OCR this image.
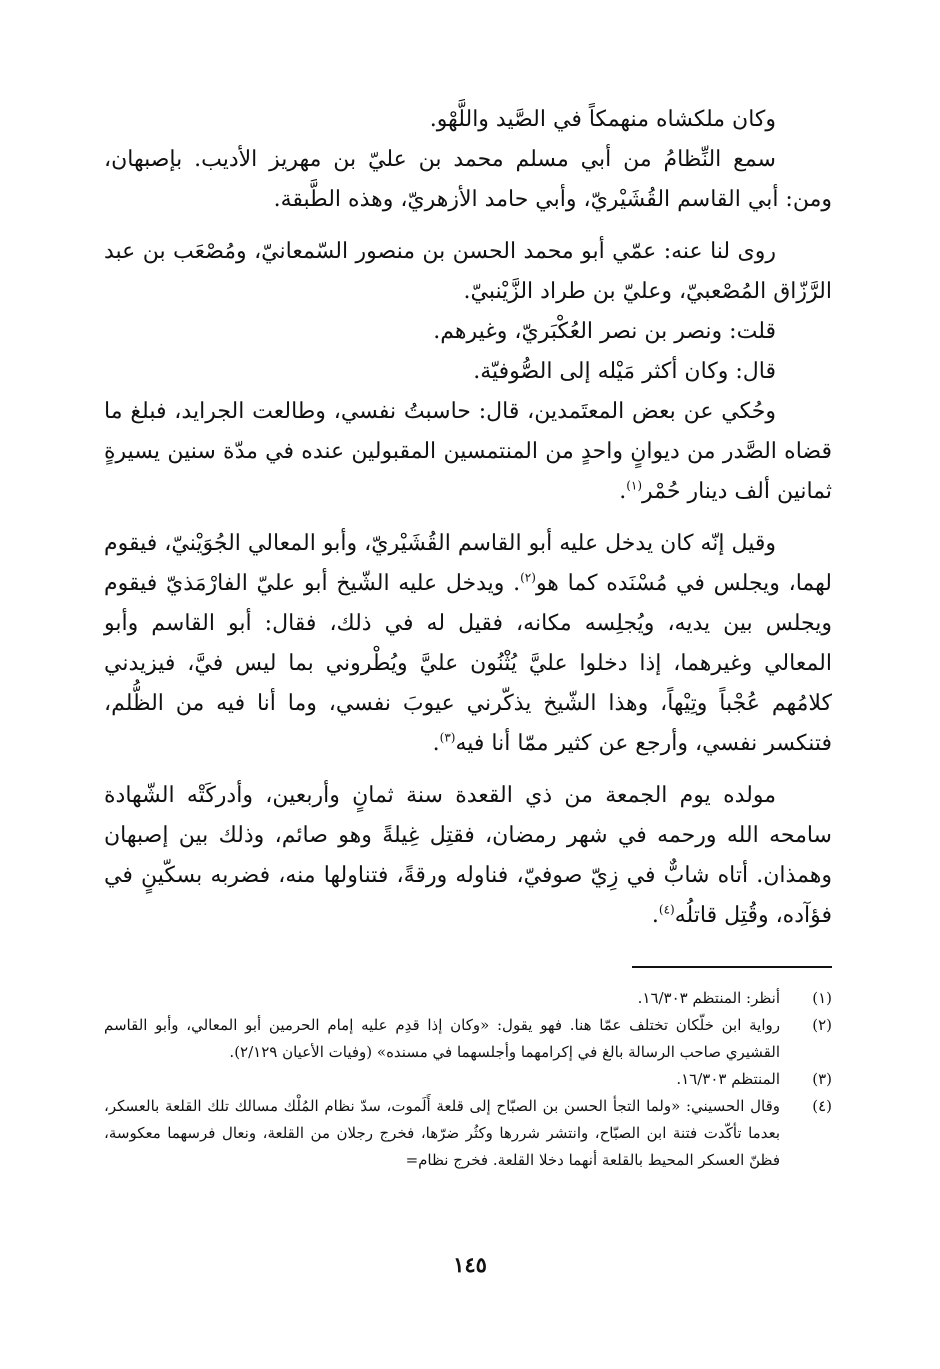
وكان ملكشاه منهمكاً في الصَّيد واللَّهْو.

سمع النِّظامُ من أبي مسلم محمد بن عليّ بن مهريز الأديب. بإصبهان، ومن: أبي القاسم القُشَيْريّ، وأبي حامد الأزهريّ، وهذه الطَّبقة.

روى لنا عنه: عمّي أبو محمد الحسن بن منصور السّمعانيّ، ومُصْعَب بن عبد الرَّزّاق المُصْعبيّ، وعليّ بن طراد الزَّيْنبيّ.

قلت: ونصر بن نصر العُكْبَريّ، وغيرهم.

قال: وكان أكثر مَيْله إلى الصُّوفيّة.

وحُكي عن بعض المعتَمدين، قال: حاسبتُ نفسي، وطالعت الجرايد، فبلغ ما قضاه الصَّدر من ديوانٍ واحدٍ من المنتمسين المقبولين عنده في مدّة سنين يسيرةٍ ثمانين ألف دينار حُمْر$^{(١)}$.

وقيل إنّه كان يدخل عليه أبو القاسم القُشَيْريّ، وأبو المعالي الجُوَيْنيّ، فيقوم لهما، ويجلس في مُسْنَده كما هو$^{(٢)}$. ويدخل عليه الشّيخ أبو عليّ الفارْمَذيّ فيقوم ويجلس بين يديه، ويُجلِسه مكانه، فقيل له في ذلك، فقال: أبو القاسم وأبو المعالي وغيرهما، إذا دخلوا عليَّ يُثْنُون عليَّ ويُطْروني بما ليس فيَّ، فيزيدني كلامُهم عُجْباً وتِيْهاً، وهذا الشّيخ يذكّرني عيوبَ نفسي، وما أنا فيه من الظُّلم، فتنكسر نفسي، وأرجع عن كثير ممّا أنا فيه$^{(٣)}$.

مولده يوم الجمعة من ذي القعدة سنة ثمانٍ وأربعين، وأدركَتْه الشّهادة سامحه الله ورحمه في شهر رمضان، فقتِل غِيلةً وهو صائم، وذلك بين إصبهان وهمذان. أتاه شابٌّ في زِيّ صوفيّ، فناوله ورقةً، فتناولها منه، فضربه بسكّينٍ في فؤآده، وقُتِل قاتلُه$^{(٤)}$.

(١)
أنظر: المنتظم ١٦/٣٠٣.
(٢)
رواية ابن خلّكان تختلف عمّا هنا. فهو يقول: «وكان إذا قدِم عليه إمام الحرمين أبو المعالي، وأبو القاسم القشيري صاحب الرسالة بالغ في إكرامهما وأجلسهما في مسنده» (وفيات الأعيان ٢/١٢٩).
(٣)
المنتظم ١٦/٣٠٣.
(٤)
وقال الحسيني: «ولما التجأ الحسن بن الصبّاح إلى قلعة أَلَموت، سدّ نظام المُلْك مسالك تلك القلعة بالعسكر، بعدما تأكّدت فتنة ابن الصبّاح، وانتشر شررها وكثُر ضرّها، فخرج رجلان من القلعة، ونعال فرسهما معكوسة، فظنّ العسكر المحيط بالقلعة أنهما دخلا القلعة. فخرج نظام=
١٤٥
